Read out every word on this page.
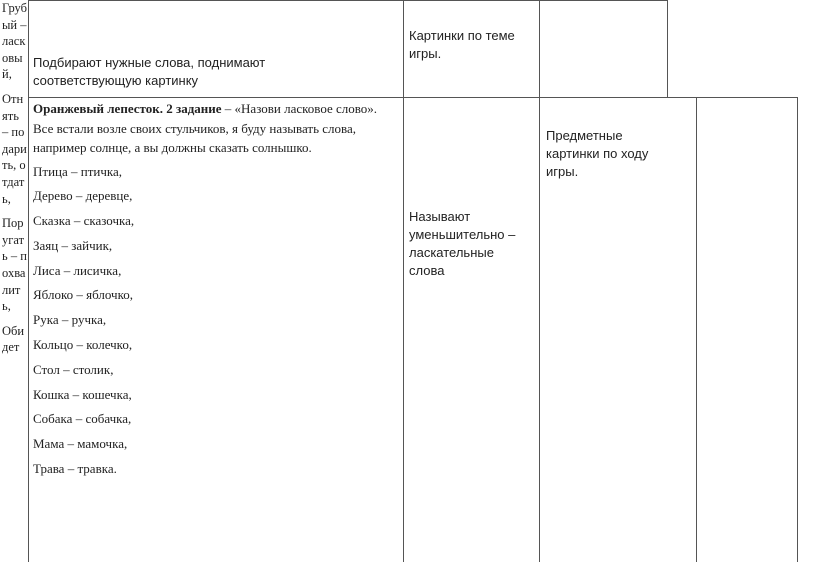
Грубый – ласковый,

Отнять – подарить, отдать,

Поругать – похвалить,

Обидет

Подбирают нужные слова, поднимают соответствующую картинку
Картинки по теме игры.

Оранжевый лепесток. 2 задание – «Назови ласковое слово». Все встали возле своих стульчиков, я буду называть слова, например солнце, а вы должны сказать солнышко.

Птица – птичка,
Дерево – деревце,
Сказка – сказочка,
Заяц – зайчик,
Лиса – лисичка,
Яблоко – яблочко,
Рука – ручка,
Кольцо – колечко,
Стол – столик,
Кошка – кошечка,
Собака – собачка,
Мама – мамочка,
Трава – травка.
Называют уменьшительно – ласкательные слова
Предметные картинки по ходу игры.
